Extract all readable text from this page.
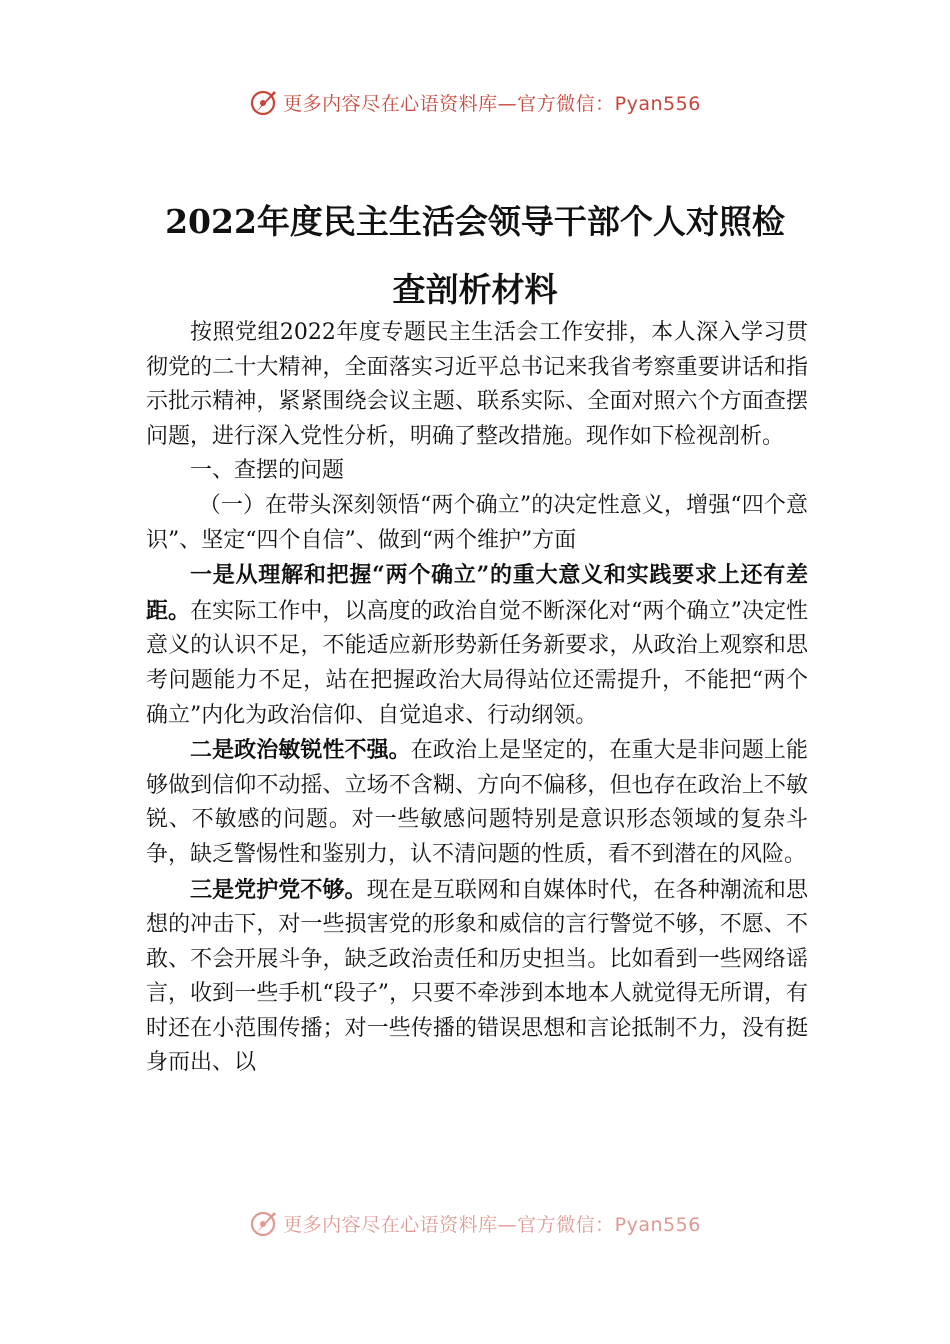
更多内容尽在心语资料库—官方微信：Pyan556
2022年度民主生活会领导干部个人对照检
查剖析材料

按照党组2022年度专题民主生活会工作安排，本人深入学习贯彻党的二十大精神，全面落实习近平总书记来我省考察重要讲话和指示批示精神，紧紧围绕会议主题、联系实际、全面对照六个方面查摆问题，进行深入党性分析，明确了整改措施。现作如下检视剖析。

一、查摆的问题

（一）在带头深刻领悟“两个确立”的决定性意义，增强“四个意识”、坚定“四个自信”、做到“两个维护”方面

一是从理解和把握“两个确立”的重大意义和实践要求上还有差距。在实际工作中，以高度的政治自觉不断深化对“两个确立”决定性意义的认识不足，不能适应新形势新任务新要求，从政治上观察和思考问题能力不足，站在把握政治大局得站位还需提升，不能把“两个确立”内化为政治信仰、自觉追求、行动纲领。

二是政治敏锐性不强。在政治上是坚定的，在重大是非问题上能够做到信仰不动摇、立场不含糊、方向不偏移，但也存在政治上不敏锐、不敏感的问题。对一些敏感问题特别是意识形态领域的复杂斗争，缺乏警惕性和鉴别力，认不清问题的性质，看不到潜在的风险。

三是党护党不够。现在是互联网和自媒体时代，在各种潮流和思想的冲击下，对一些损害党的形象和威信的言行警觉不够，不愿、不敢、不会开展斗争，缺乏政治责任和历史担当。比如看到一些网络谣言，收到一些手机“段子”，只要不牵涉到本地本人就觉得无所谓，有时还在小范围传播；对一些传播的错误思想和言论抵制不力，没有挺身而出、以

更多内容尽在心语资料库—官方微信：Pyan556
